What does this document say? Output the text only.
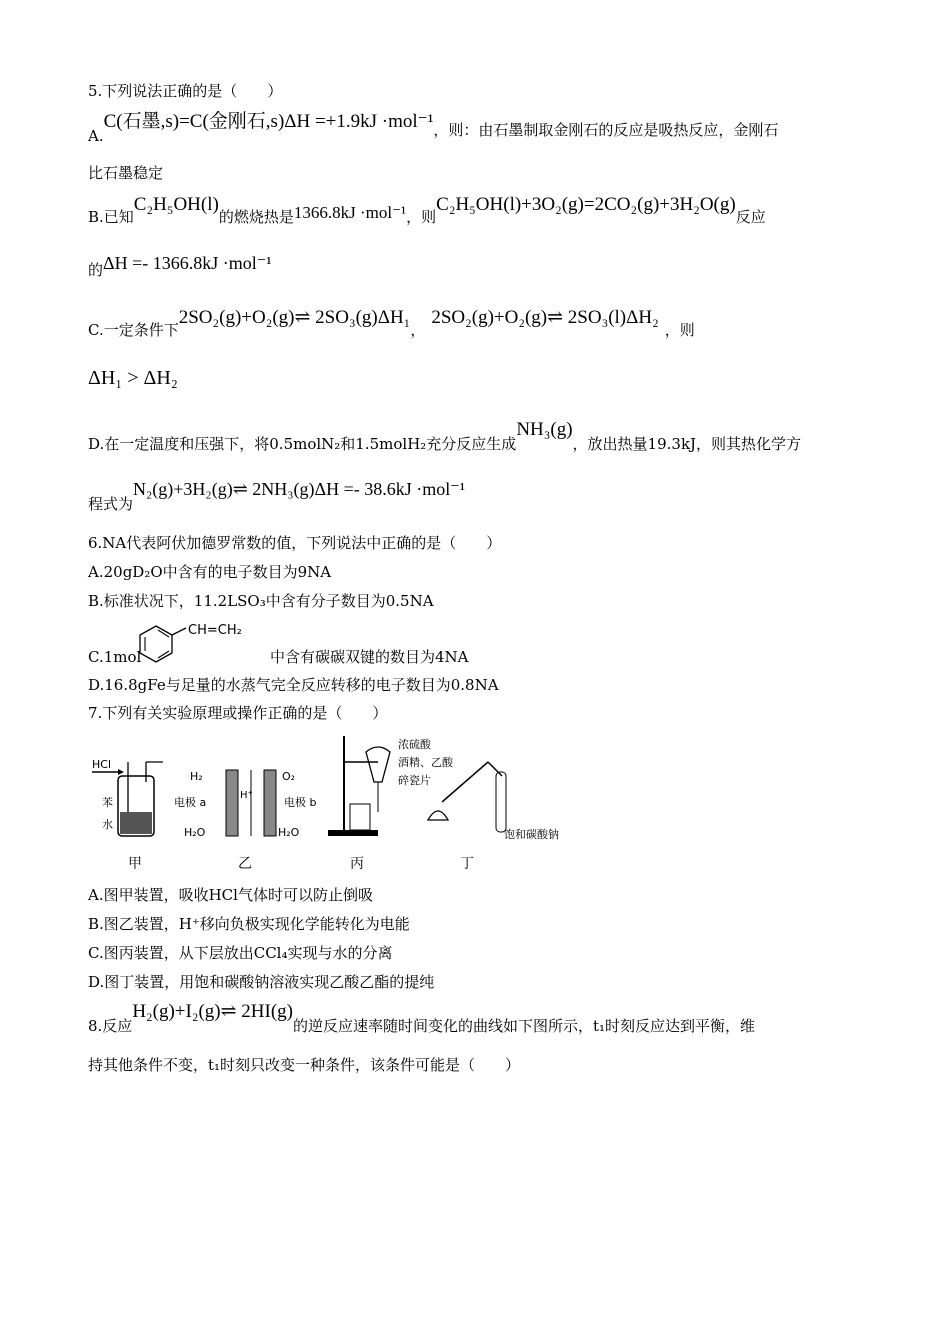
5.下列说法正确的是（　　）
A.C(石墨,s)=C(金刚石,s)ΔH =+1.9kJ ·mol⁻¹，则：由石墨制取金刚石的反应是吸热反应，金刚石
比石墨稳定
B.已知C₂H₅OH(l)的燃烧热是1366.8kJ ·mol⁻¹，则C₂H₅OH(l)+3O₂(g)=2CO₂(g)+3H₂O(g)反应
的ΔH =- 1366.8kJ ·mol⁻¹
C.一定条件下2SO₂(g)+O₂(g)⇌ 2SO₃(g)ΔH₁，2SO₂(g)+O₂(g)⇌ 2SO₃(l)ΔH₂，则
ΔH₁ > ΔH₂
D.在一定温度和压强下，将0.5molN₂和1.5molH₂充分反应生成NH₃(g)，放出热量19.3kJ，则其热化学方
程式为N₂(g)+3H₂(g)⇌ 2NH₃(g)ΔH =- 38.6kJ ·mol⁻¹
6.NA代表阿伏加德罗常数的值，下列说法中正确的是（　　）
A.20gD₂O中含有的电子数目为9NA
B.标准状况下，11.2LSO₃中含有分子数目为0.5NA
C.1mol
CH=CH₂
中含有碳碳双键的数目为4NA
D.16.8gFe与足量的水蒸气完全反应转移的电子数目为0.8NA
7.下列有关实验原理或操作正确的是（　　）
HCl
苯
水
甲
H₂	O₂
H⁺
电极 a	电极 b
H₂O	H₂O
乙	丙
浓硫酸
酒精、乙酸
碎瓷片
饱和碳酸钠
丁
A.图甲装置，吸收HCl气体时可以防止倒吸
B.图乙装置，H⁺移向负极实现化学能转化为电能
C.图丙装置，从下层放出CCl₄实现与水的分离
D.图丁装置，用饱和碳酸钠溶液实现乙酸乙酯的提纯
8.反应H₂(g)+I₂(g)⇌ 2HI(g)的逆反应速率随时间变化的曲线如下图所示，t₁时刻反应达到平衡，维
持其他条件不变，t₁时刻只改变一种条件，该条件可能是（　　）
